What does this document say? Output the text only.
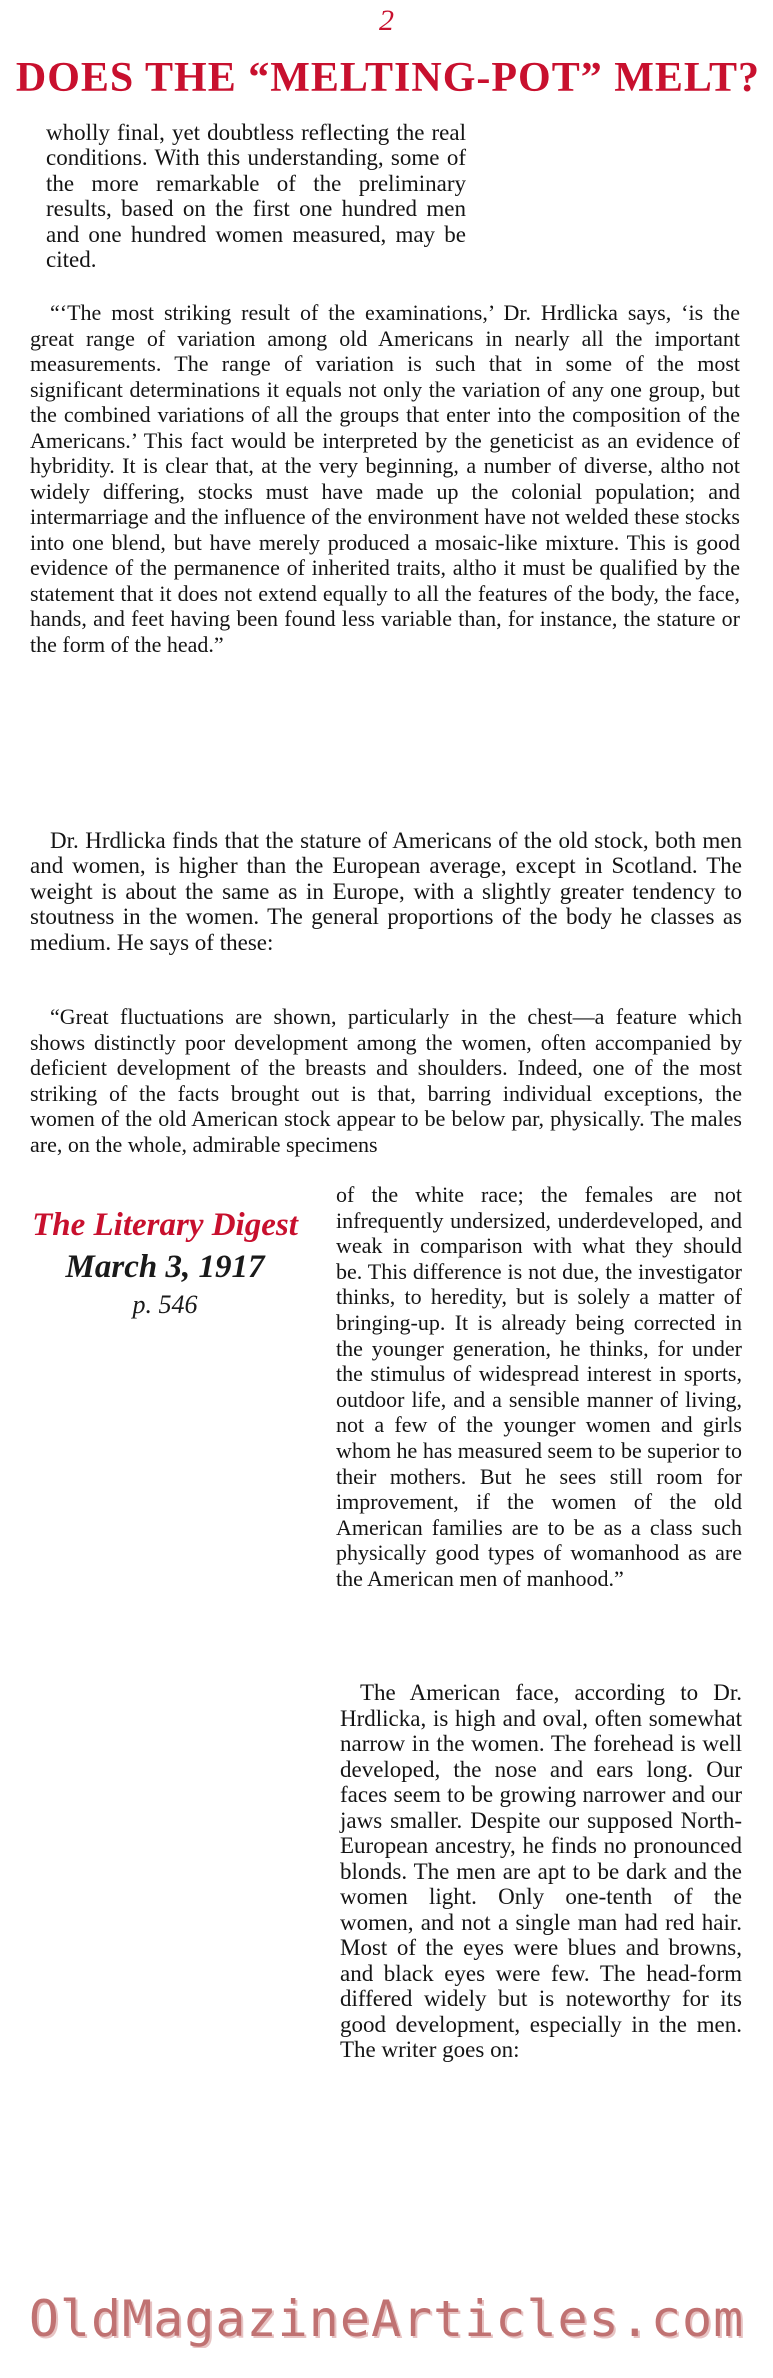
2
DOES THE “MELTING-POT” MELT?

wholly final, yet doubtless reflecting the real conditions. With this understanding, some of the more remarkable of the preliminary results, based on the first one hundred men and one hundred women measured, may be cited.

“‘The most striking result of the examinations,’ Dr. Hrdlicka says, ‘is the great range of variation among old Americans in nearly all the important measurements. The range of variation is such that in some of the most significant determinations it equals not only the variation of any one group, but the combined variations of all the groups that enter into the composition of the Americans.’ This fact would be interpreted by the geneticist as an evidence of hybridity. It is clear that, at the very beginning, a number of diverse, altho not widely differing, stocks must have made up the colonial population; and intermarriage and the influence of the environment have not welded these stocks into one blend, but have merely produced a mosaic-like mixture. This is good evidence of the permanence of inherited traits, altho it must be qualified by the statement that it does not extend equally to all the features of the body, the face, hands, and feet having been found less variable than, for instance, the stature or the form of the head.”

Dr. Hrdlicka finds that the stature of Americans of the old stock, both men and women, is higher than the European average, except in Scotland. The weight is about the same as in Europe, with a slightly greater tendency to stoutness in the women. The general proportions of the body he classes as medium. He says of these:

“Great fluctuations are shown, particularly in the chest—a feature which shows distinctly poor development among the women, often accompanied by deficient development of the breasts and shoulders. Indeed, one of the most striking of the facts brought out is that, barring individual exceptions, the women of the old American stock appear to be below par, physically. The males are, on the whole, admirable specimens

The Literary Digest
March 3, 1917
p. 546

of the white race; the females are not infrequently undersized, underdeveloped, and weak in comparison with what they should be. This difference is not due, the investigator thinks, to heredity, but is solely a matter of bringing-up. It is already being corrected in the younger generation, he thinks, for under the stimulus of widespread interest in sports, outdoor life, and a sensible manner of living, not a few of the younger women and girls whom he has measured seem to be superior to their mothers. But he sees still room for improvement, if the women of the old American families are to be as a class such physically good types of womanhood as are the American men of manhood.”

The American face, according to Dr. Hrdlicka, is high and oval, often somewhat narrow in the women. The forehead is well developed, the nose and ears long. Our faces seem to be growing narrower and our jaws smaller. Despite our supposed North-European ancestry, he finds no pronounced blonds. The men are apt to be dark and the women light. Only one-tenth of the women, and not a single man had red hair. Most of the eyes were blues and browns, and black eyes were few. The head-form differed widely but is noteworthy for its good development, especially in the men. The writer goes on:

OldMagazineArticles.com
